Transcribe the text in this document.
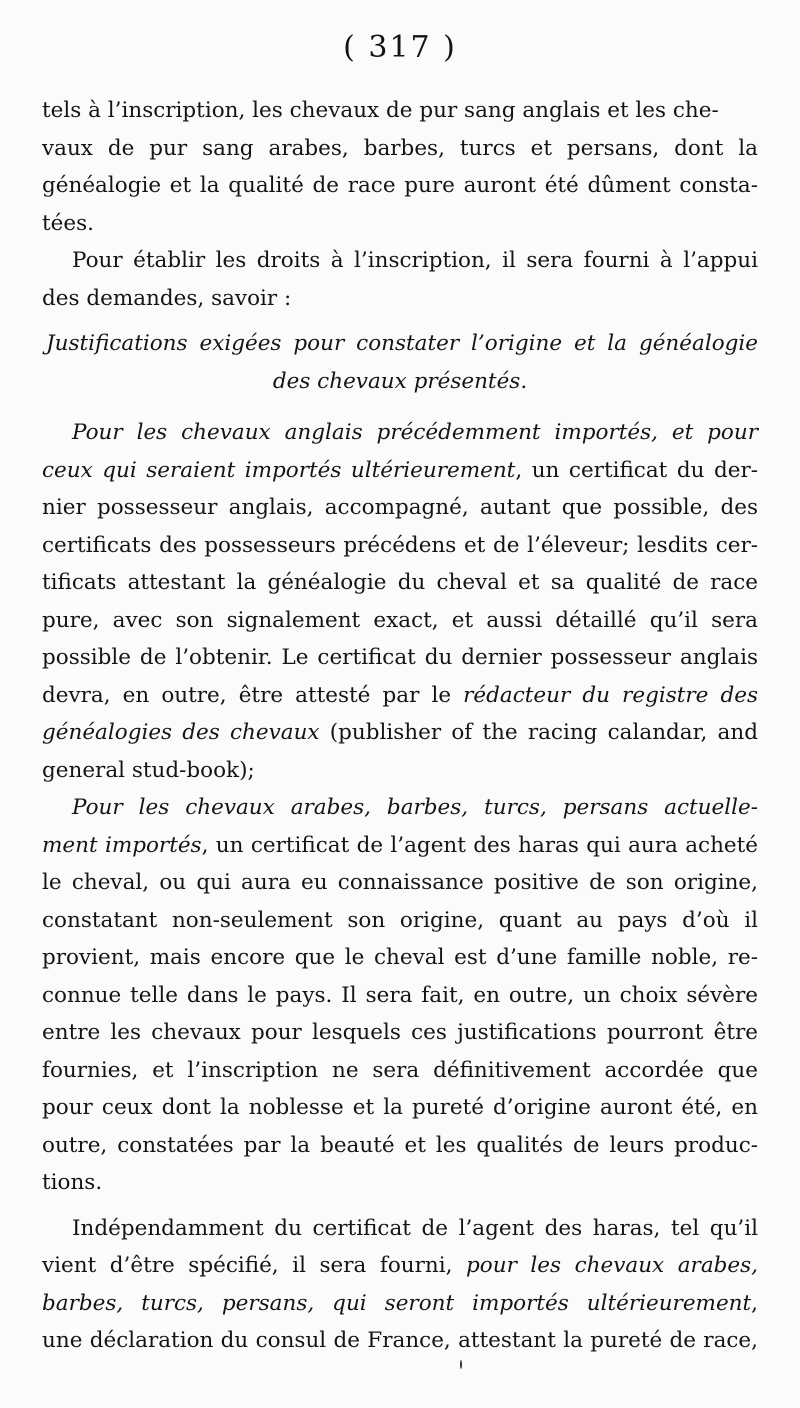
( 317 )
tels à l’inscription, les chevaux de pur sang anglais et les che-
vaux de pur sang arabes, barbes, turcs et persans, dont la
généalogie et la qualité de race pure auront été dûment consta-
tées.
Pour établir les droits à l’inscription, il sera fourni à l’appui
des demandes, savoir :
Justifications exigées pour constater l’origine et la généalogie
des chevaux présentés.
Pour les chevaux anglais précédemment importés, et pour
ceux qui seraient importés ultérieurement, un certificat du der-
nier possesseur anglais, accompagné, autant que possible, des
certificats des possesseurs précédens et de l’éleveur; lesdits cer-
tificats attestant la généalogie du cheval et sa qualité de race
pure, avec son signalement exact, et aussi détaillé qu’il sera
possible de l’obtenir. Le certificat du dernier possesseur anglais
devra, en outre, être attesté par le rédacteur du registre des
généalogies des chevaux (publisher of the racing calandar, and
general stud-book);
Pour les chevaux arabes, barbes, turcs, persans actuelle-
ment importés, un certificat de l’agent des haras qui aura acheté
le cheval, ou qui aura eu connaissance positive de son origine,
constatant non-seulement son origine, quant au pays d’où il
provient, mais encore que le cheval est d’une famille noble, re-
connue telle dans le pays. Il sera fait, en outre, un choix sévère
entre les chevaux pour lesquels ces justifications pourront être
fournies, et l’inscription ne sera définitivement accordée que
pour ceux dont la noblesse et la pureté d’origine auront été, en
outre, constatées par la beauté et les qualités de leurs produc-
tions.
Indépendamment du certificat de l’agent des haras, tel qu’il
vient d’être spécifié, il sera fourni, pour les chevaux arabes,
barbes, turcs, persans, qui seront importés ultérieurement,
une déclaration du consul de France, attestant la pureté de race,
